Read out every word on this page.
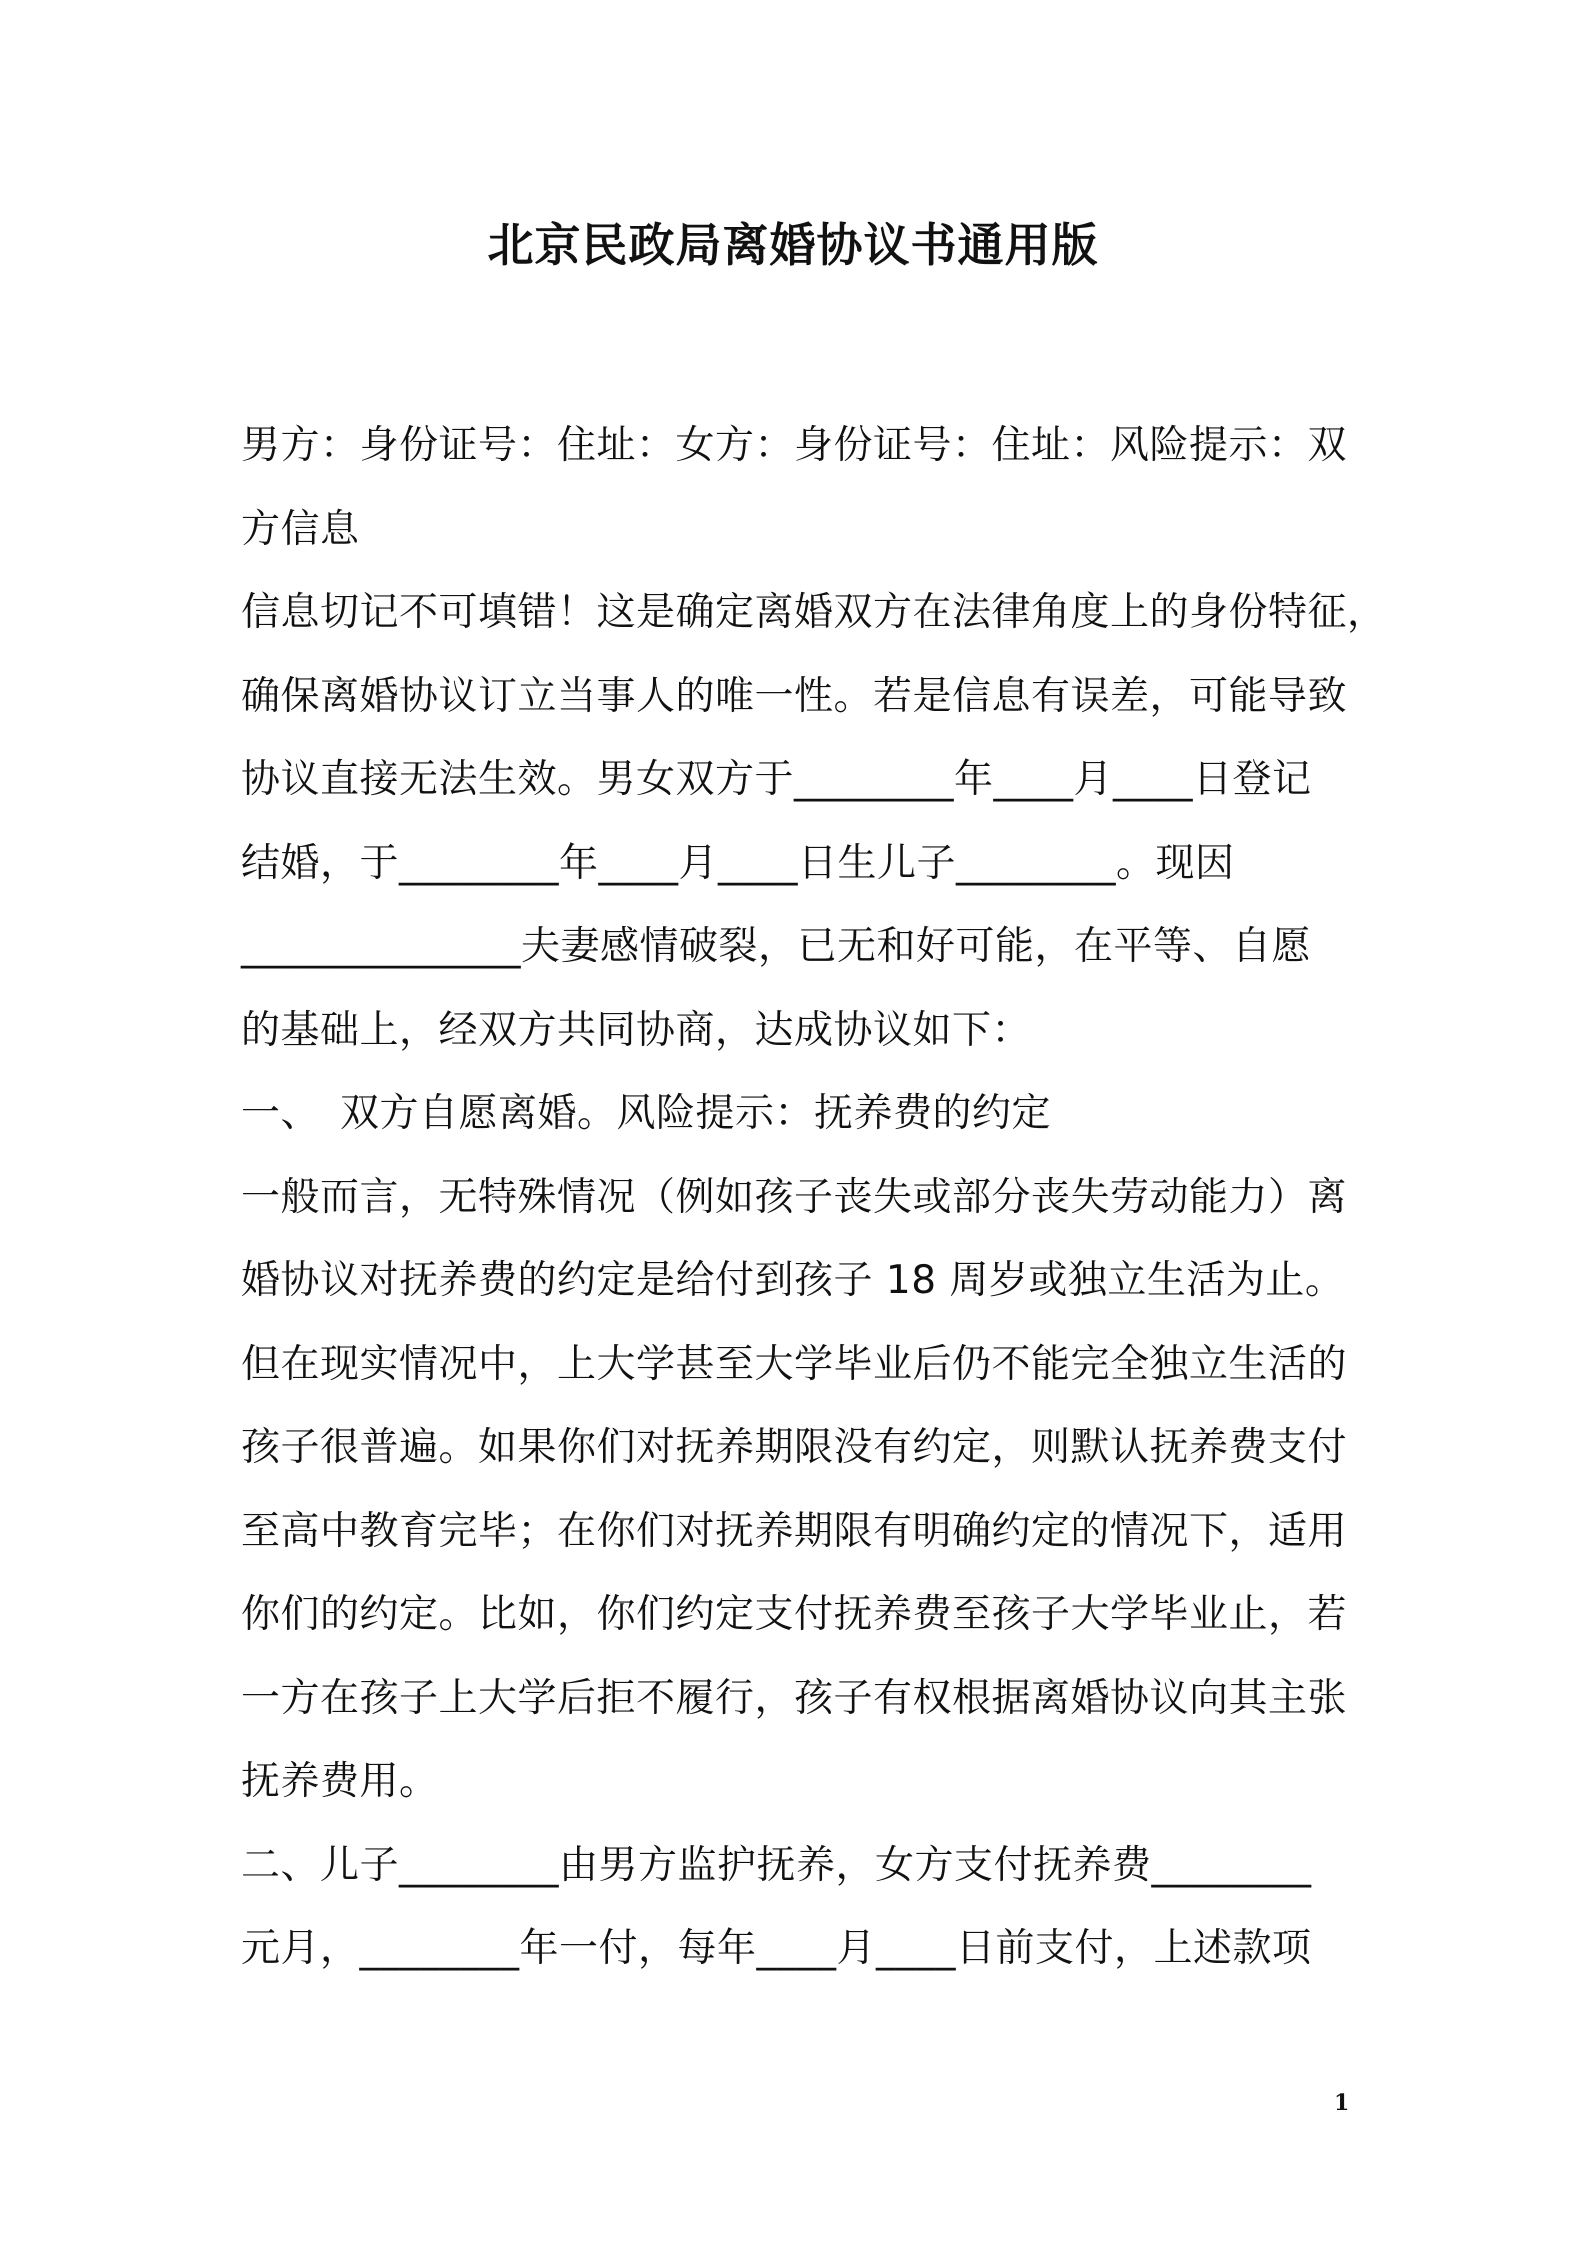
北京民政局离婚协议书通用版
男方：身份证号：住址：女方：身份证号：住址：风险提示：双
方信息
信息切记不可填错！这是确定离婚双方在法律角度上的身份特征，
确保离婚协议订立当事人的唯一性。若是信息有误差，可能导致
协议直接无法生效。男女双方于________年____月____日登记
结婚，于________年____月____日生儿子________。现因
______________夫妻感情破裂，已无和好可能，在平等、自愿
的基础上，经双方共同协商，达成协议如下：
一、　双方自愿离婚。风险提示：抚养费的约定
一般而言，无特殊情况（例如孩子丧失或部分丧失劳动能力）离
婚协议对抚养费的约定是给付到孩子 18 周岁或独立生活为止。
但在现实情况中，上大学甚至大学毕业后仍不能完全独立生活的
孩子很普遍。如果你们对抚养期限没有约定，则默认抚养费支付
至高中教育完毕；在你们对抚养期限有明确约定的情况下，适用
你们的约定。比如，你们约定支付抚养费至孩子大学毕业止，若
一方在孩子上大学后拒不履行，孩子有权根据离婚协议向其主张
抚养费用。
二、儿子________由男方监护抚养，女方支付抚养费________
元月，________年一付，每年____月____日前支付，上述款项
1
